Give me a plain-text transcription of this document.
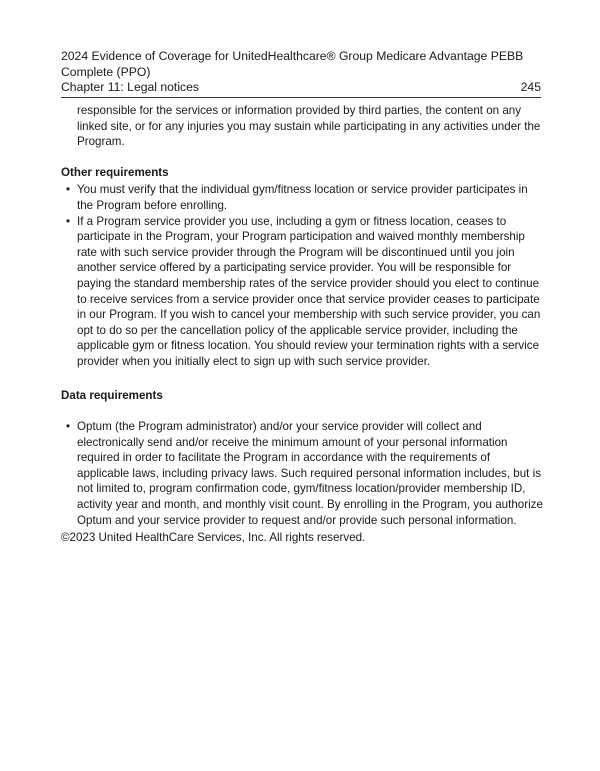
2024 Evidence of Coverage for UnitedHealthcare® Group Medicare Advantage PEBB Complete (PPO)
Chapter 11: Legal notices	245

responsible for the services or information provided by third parties, the content on any linked site, or for any injuries you may sustain while participating in any activities under the Program.

Other requirements
• You must verify that the individual gym/fitness location or service provider participates in the Program before enrolling.
• If a Program service provider you use, including a gym or fitness location, ceases to participate in the Program, your Program participation and waived monthly membership rate with such service provider through the Program will be discontinued until you join another service offered by a participating service provider. You will be responsible for paying the standard membership rates of the service provider should you elect to continue to receive services from a service provider once that service provider ceases to participate in our Program. If you wish to cancel your membership with such service provider, you can opt to do so per the cancellation policy of the applicable service provider, including the applicable gym or fitness location. You should review your termination rights with a service provider when you initially elect to sign up with such service provider.
Data requirements
• Optum (the Program administrator) and/or your service provider will collect and electronically send and/or receive the minimum amount of your personal information required in order to facilitate the Program in accordance with the requirements of applicable laws, including privacy laws. Such required personal information includes, but is not limited to, program confirmation code, gym/fitness location/provider membership ID, activity year and month, and monthly visit count. By enrolling in the Program, you authorize Optum and your service provider to request and/or provide such personal information.
©2023 United HealthCare Services, Inc. All rights reserved.
